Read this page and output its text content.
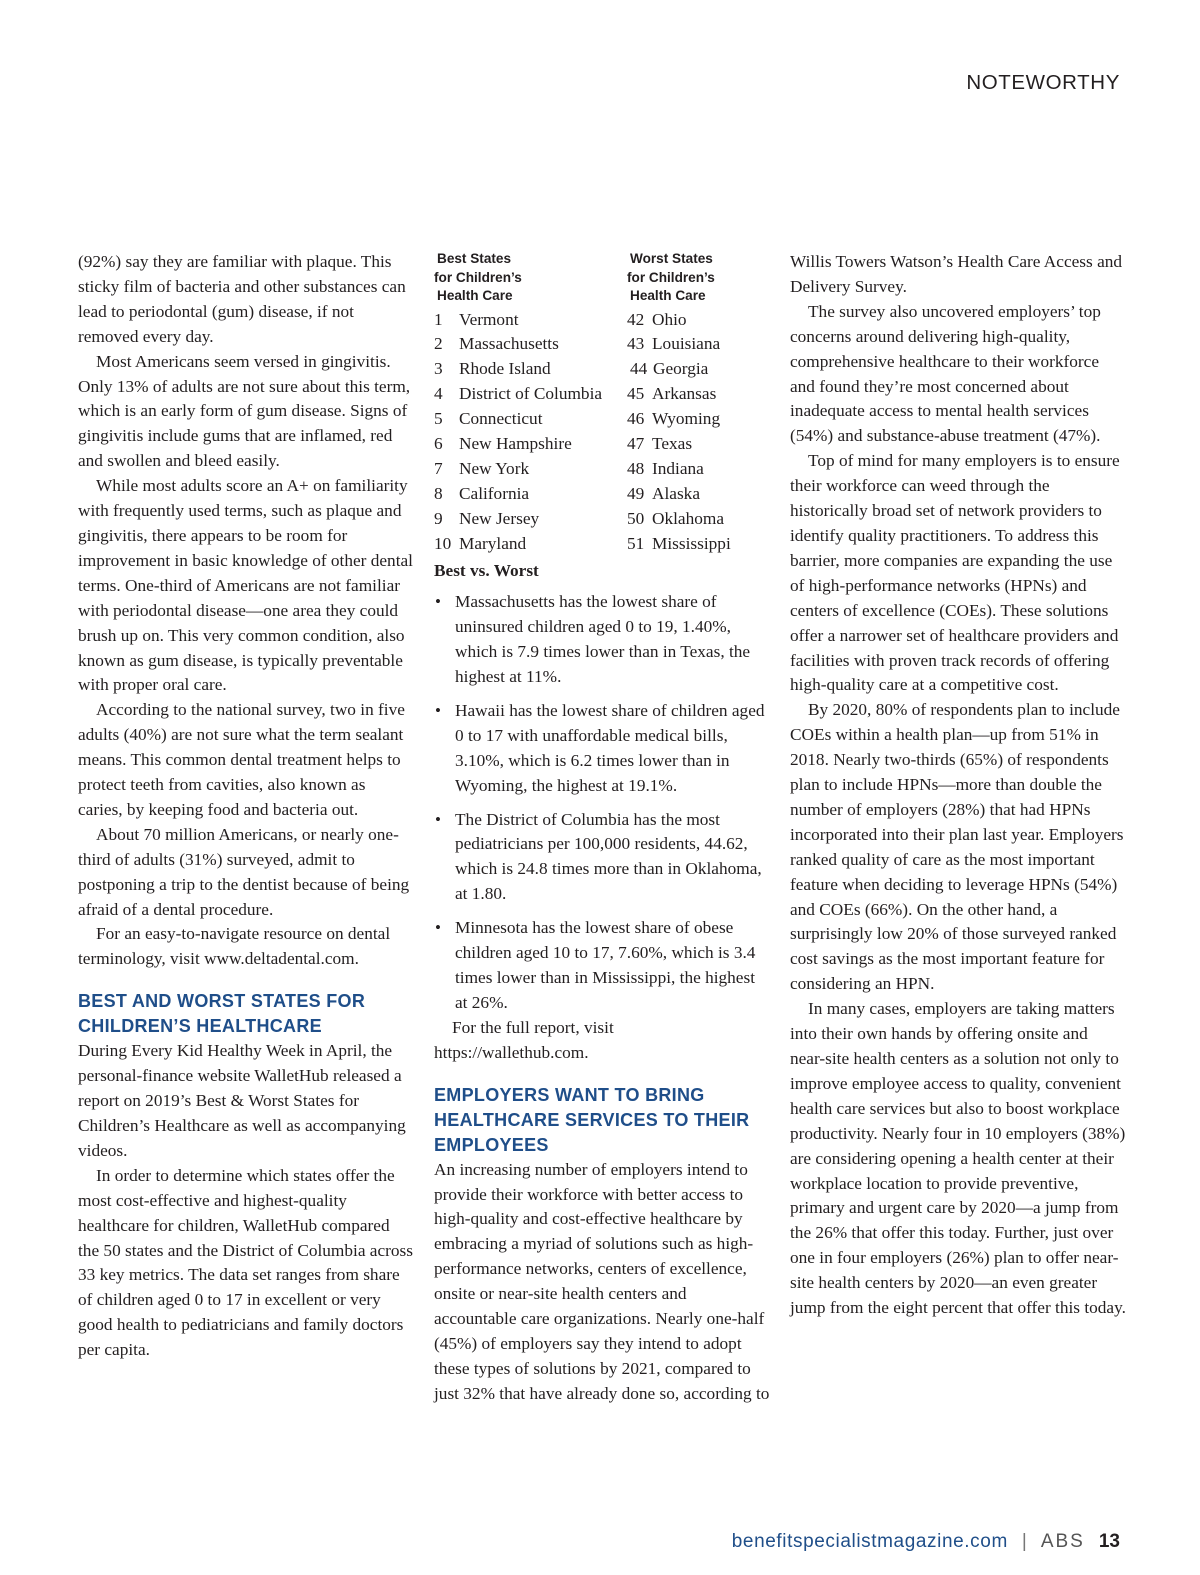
NOTEWORTHY

(92%) say they are familiar with plaque. This sticky film of bacteria and other substances can lead to periodontal (gum) disease, if not removed every day.

Most Americans seem versed in gingivitis. Only 13% of adults are not sure about this term, which is an early form of gum disease. Signs of gingivitis include gums that are inflamed, red and swollen and bleed easily.

While most adults score an A+ on familiarity with frequently used terms, such as plaque and gingivitis, there appears to be room for improvement in basic knowledge of other dental terms. One-third of Americans are not familiar with periodontal disease—one area they could brush up on. This very common condition, also known as gum disease, is typically preventable with proper oral care.

According to the national survey, two in five adults (40%) are not sure what the term sealant means. This common dental treatment helps to protect teeth from cavities, also known as caries, by keeping food and bacteria out.

About 70 million Americans, or nearly one-third of adults (31%) surveyed, admit to postponing a trip to the dentist because of being afraid of a dental procedure.

For an easy-to-navigate resource on dental terminology, visit www.deltadental.com.

BEST AND WORST STATES FOR CHILDREN’S HEALTHCARE

During Every Kid Healthy Week in April, the personal-finance website WalletHub released a report on 2019’s Best & Worst States for Children’s Healthcare as well as accompanying videos.

In order to determine which states offer the most cost-effective and highest-quality healthcare for children, WalletHub compared the 50 states and the District of Columbia across 33 key metrics. The data set ranges from share of children aged 0 to 17 in excellent or very good health to pediatricians and family doctors per capita.

Best States
for Children’s
Health Care
1 Vermont
2 Massachusetts
3 Rhode Island
4 District of Columbia
5 Connecticut
6 New Hampshire
7 New York
8 California
9 New Jersey
10 Maryland
Worst States
for Children’s
Health Care
42 Ohio
43 Louisiana
44 Georgia
45 Arkansas
46 Wyoming
47 Texas
48 Indiana
49 Alaska
50 Oklahoma
51 Mississippi
Best vs. Worst
• Massachusetts has the lowest share of uninsured children aged 0 to 19, 1.40%, which is 7.9 times lower than in Texas, the highest at 11%.
• Hawaii has the lowest share of children aged 0 to 17 with unaffordable medical bills, 3.10%, which is 6.2 times lower than in Wyoming, the highest at 19.1%.
• The District of Columbia has the most pediatricians per 100,000 residents, 44.62, which is 24.8 times more than in Oklahoma, at 1.80.
• Minnesota has the lowest share of obese children aged 10 to 17, 7.60%, which is 3.4 times lower than in Mississippi, the highest at 26%.

For the full report, visit https://wallethub.com.

EMPLOYERS WANT TO BRING HEALTHCARE SERVICES TO THEIR EMPLOYEES

An increasing number of employers intend to provide their workforce with better access to high-quality and cost-effective healthcare by embracing a myriad of solutions such as high-performance networks, centers of excellence, onsite or near-site health centers and accountable care organizations. Nearly one-half (45%) of employers say they intend to adopt these types of solutions by 2021, compared to just 32% that have already done so, according to

Willis Towers Watson’s Health Care Access and Delivery Survey.

The survey also uncovered employers’ top concerns around delivering high-quality, comprehensive healthcare to their workforce and found they’re most concerned about inadequate access to mental health services (54%) and substance-abuse treatment (47%).

Top of mind for many employers is to ensure their workforce can weed through the historically broad set of network providers to identify quality practitioners. To address this barrier, more companies are expanding the use of high-performance networks (HPNs) and centers of excellence (COEs). These solutions offer a narrower set of healthcare providers and facilities with proven track records of offering high-quality care at a competitive cost.

By 2020, 80% of respondents plan to include COEs within a health plan—up from 51% in 2018. Nearly two-thirds (65%) of respondents plan to include HPNs—more than double the number of employers (28%) that had HPNs incorporated into their plan last year. Employers ranked quality of care as the most important feature when deciding to leverage HPNs (54%) and COEs (66%). On the other hand, a surprisingly low 20% of those surveyed ranked cost savings as the most important feature for considering an HPN.

In many cases, employers are taking matters into their own hands by offering onsite and near-site health centers as a solution not only to improve employee access to quality, convenient health care services but also to boost workplace productivity. Nearly four in 10 employers (38%) are considering opening a health center at their workplace location to provide preventive, primary and urgent care by 2020—a jump from the 26% that offer this today. Further, just over one in four employers (26%) plan to offer near-site health centers by 2020—an even greater jump from the eight percent that offer this today.

benefitspecialistmagazine.com | ABS 13
